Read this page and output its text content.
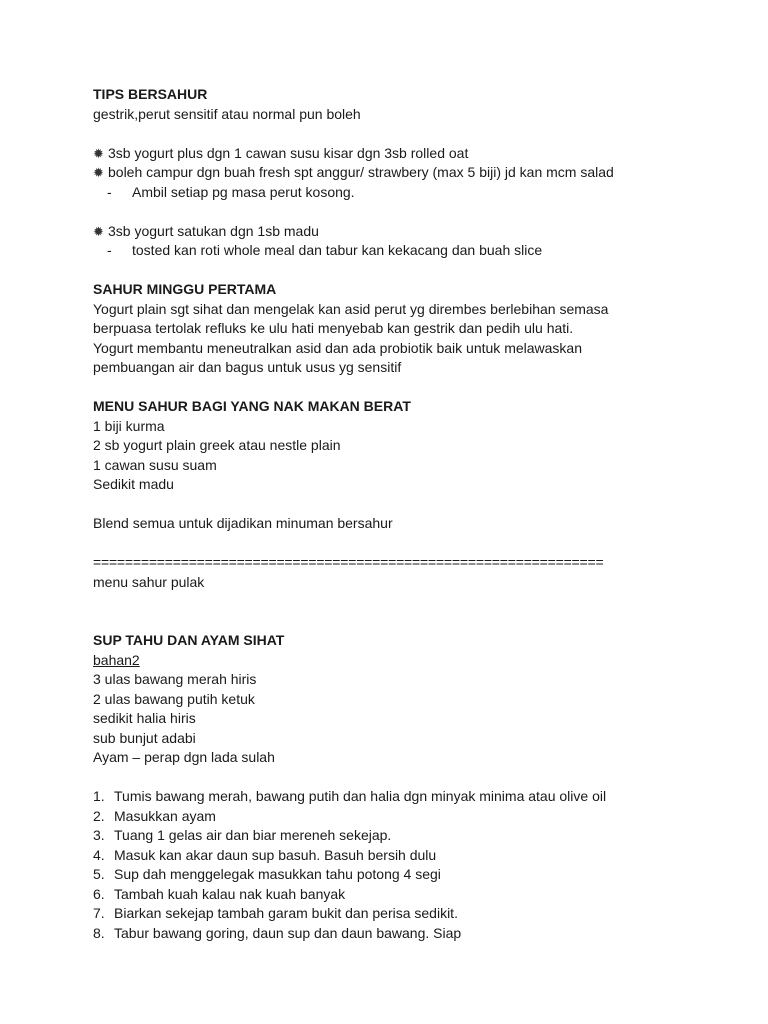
TIPS BERSAHUR
gestrik,perut sensitif atau normal pun boleh
✹ 3sb yogurt plus dgn 1 cawan susu kisar dgn 3sb rolled oat
✹ boleh campur dgn buah fresh spt anggur/ strawbery (max 5 biji) jd kan mcm salad
- Ambil setiap pg masa perut kosong.
✹ 3sb yogurt satukan dgn 1sb madu
- tosted kan roti whole meal dan tabur kan kekacang dan buah slice
SAHUR MINGGU PERTAMA
Yogurt plain sgt sihat dan mengelak kan asid perut yg dirembes berlebihan semasa
berpuasa tertolak refluks ke ulu hati menyebab kan gestrik dan pedih ulu hati.
Yogurt membantu meneutralkan asid dan ada probiotik baik untuk melawaskan
pembuangan air dan bagus untuk usus yg sensitif
MENU SAHUR BAGI YANG NAK MAKAN BERAT
1 biji kurma
2 sb yogurt plain greek atau nestle plain
1 cawan susu suam
Sedikit madu
Blend semua untuk dijadikan minuman bersahur
================================================================
menu sahur pulak
SUP TAHU DAN AYAM SIHAT
bahan2
3 ulas bawang merah hiris
2 ulas bawang putih ketuk
sedikit halia hiris
sub bunjut adabi
Ayam – perap dgn lada sulah
1. Tumis bawang merah, bawang putih dan halia dgn minyak minima atau olive oil
2. Masukkan ayam
3. Tuang 1 gelas air dan biar mereneh sekejap.
4. Masuk kan akar daun sup basuh. Basuh bersih dulu
5. Sup dah menggelegak masukkan tahu potong 4 segi
6. Tambah kuah kalau nak kuah banyak
7. Biarkan sekejap tambah garam bukit dan perisa sedikit.
8. Tabur bawang goring, daun sup dan daun bawang. Siap
